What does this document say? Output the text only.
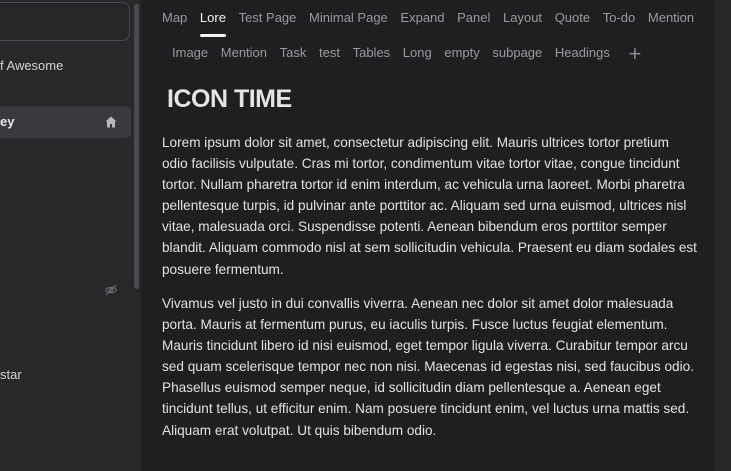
f Awesome
ey
star
Map Lore Test Page Minimal Page Expand Panel Layout Quote To-do Mention
Image Mention Task test Tables Long empty subpage Headings +
ICON TIME

Lorem ipsum dolor sit amet, consectetur adipiscing elit. Mauris ultrices tortor pretium odio facilisis vulputate. Cras mi tortor, condimentum vitae tortor vitae, congue tincidunt tortor. Nullam pharetra tortor id enim interdum, ac vehicula urna laoreet. Morbi pharetra pellentesque turpis, id pulvinar ante porttitor ac. Aliquam sed urna euismod, ultrices nisl vitae, malesuada orci. Suspendisse potenti. Aenean bibendum eros porttitor semper blandit. Aliquam commodo nisl at sem sollicitudin vehicula. Praesent eu diam sodales est posuere fermentum.

Vivamus vel justo in dui convallis viverra. Aenean nec dolor sit amet dolor malesuada porta. Mauris at fermentum purus, eu iaculis turpis. Fusce luctus feugiat elementum. Mauris tincidunt libero id nisi euismod, eget tempor ligula viverra. Curabitur tempor arcu sed quam scelerisque tempor nec non nisi. Maecenas id egestas nisi, sed faucibus odio. Phasellus euismod semper neque, id sollicitudin diam pellentesque a. Aenean eget tincidunt tellus, ut efficitur enim. Nam posuere tincidunt enim, vel luctus urna mattis sed. Aliquam erat volutpat. Ut quis bibendum odio.
